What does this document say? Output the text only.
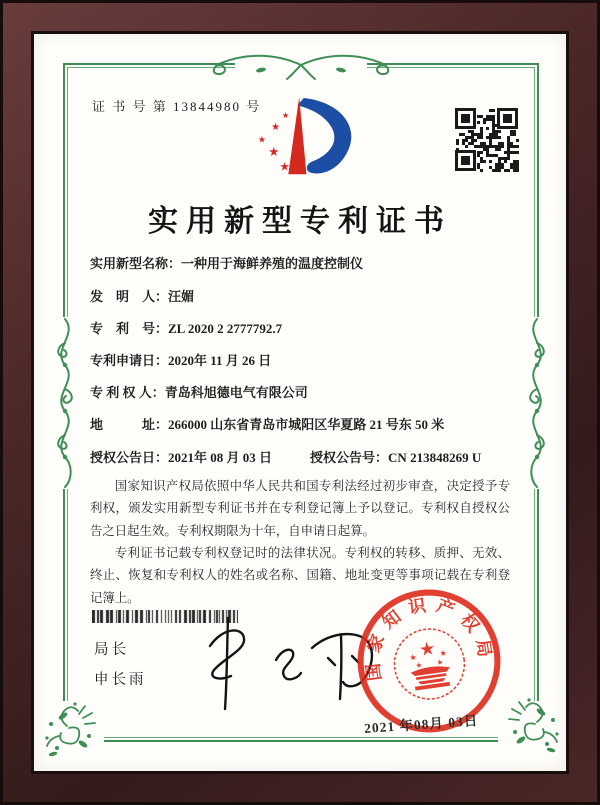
证 书 号 第 13844980 号
★
★
★
★
★
实用新型专利证书
实用新型名称：一种用于海鲜养殖的温度控制仪
发　明　人：汪媚
专　利　号：ZL 2020 2 2777792.7
专利申请日：2020年 11 月 26 日
专 利 权 人：青岛科旭德电气有限公司
地　　　址：266000 山东省青岛市城阳区华夏路 21 号东 50 米
授权公告日：2021年 08 月 03 日	授权公告号：CN 213848269 U

国家知识产权局依照中华人民共和国专利法经过初步审查，决定授予专利权，颁发实用新型专利证书并在专利登记簿上予以登记。专利权自授权公告之日起生效。专利权期限为十年，自申请日起算。

专利证书记载专利权登记时的法律状况。专利权的转移、质押、无效、终止、恢复和专利权人的姓名或名称、国籍、地址变更等事项记载在专利登记簿上。

局长
申长雨	国家知识产权局
★
★ ★
★ ★
2021 年08月 03日
